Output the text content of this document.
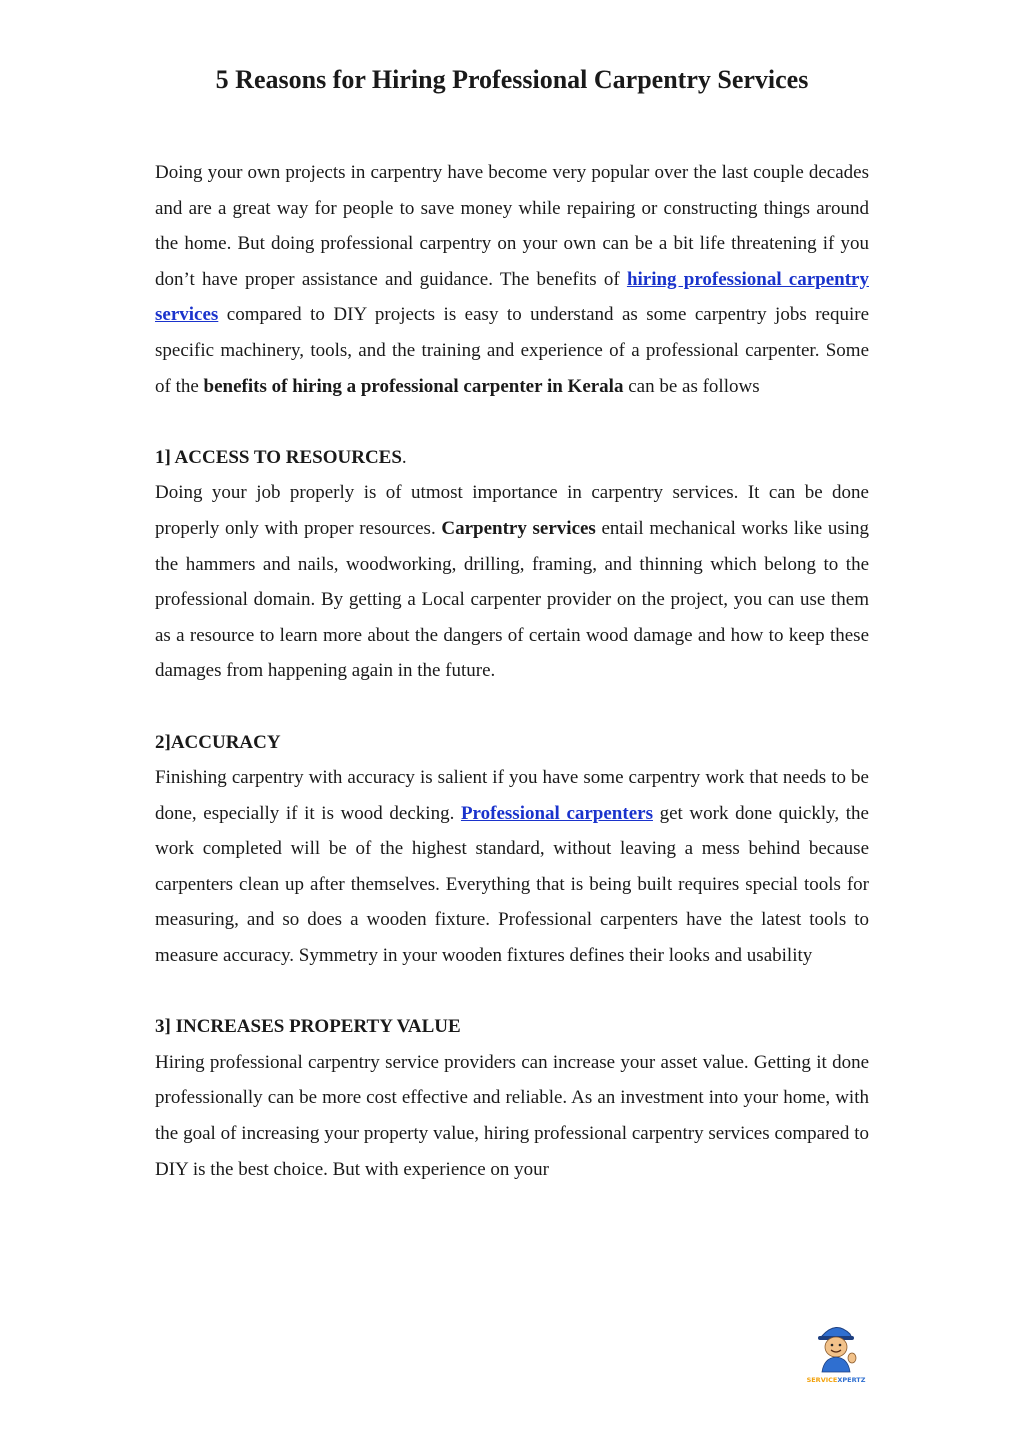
5 Reasons for Hiring Professional Carpentry Services

Doing your own projects in carpentry have become very popular over the last couple decades and are a great way for people to save money while repairing or constructing things around the home. But doing professional carpentry on your own can be a bit life threatening if you don’t have proper assistance and guidance. The benefits of hiring professional carpentry services compared to DIY projects is easy to understand as some carpentry jobs require specific machinery, tools, and the training and experience of a professional carpenter. Some of the benefits of hiring a professional carpenter in Kerala can be as follows

1] ACCESS TO RESOURCES.

Doing your job properly is of utmost importance in carpentry services. It can be done properly only with proper resources. Carpentry services entail mechanical works like using the hammers and nails, woodworking, drilling, framing, and thinning which belong to the professional domain. By getting a Local carpenter provider on the project, you can use them as a resource to learn more about the dangers of certain wood damage and how to keep these damages from happening again in the future.

2]ACCURACY

Finishing carpentry with accuracy is salient if you have some carpentry work that needs to be done, especially if it is wood decking. Professional carpenters get work done quickly, the work completed will be of the highest standard, without leaving a mess behind because carpenters clean up after themselves. Everything that is being built requires special tools for measuring, and so does a wooden fixture. Professional carpenters have the latest tools to measure accuracy. Symmetry in your wooden fixtures defines their looks and usability

3] INCREASES PROPERTY VALUE

Hiring professional carpentry service providers can increase your asset value. Getting it done professionally can be more cost effective and reliable. As an investment into your home, with the goal of increasing your property value, hiring professional carpentry services compared to DIY is the best choice. But with experience on your

SERVICEXPERTZ
